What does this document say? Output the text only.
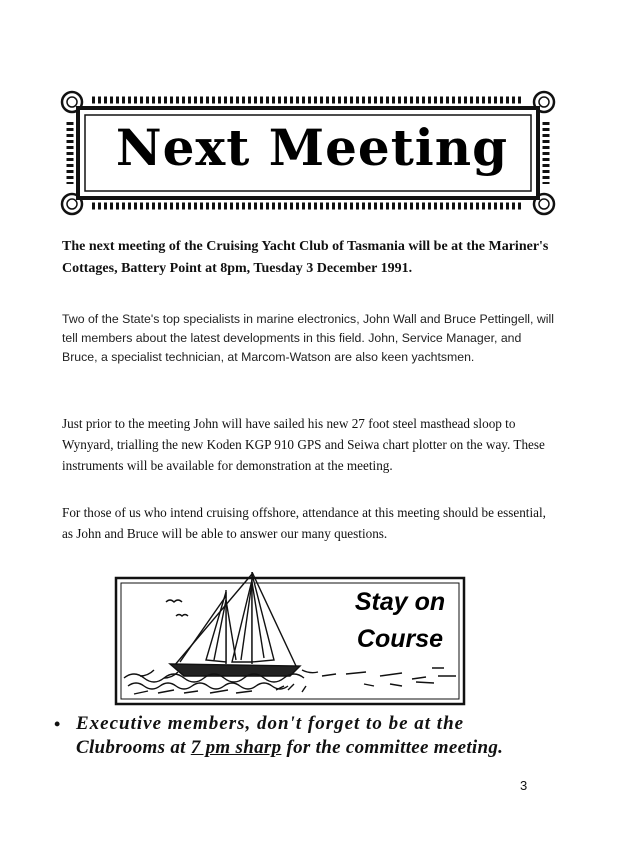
Next Meeting
The next meeting of the Cruising Yacht Club of Tasmania will be at the Mariner's Cottages, Battery Point at 8pm, Tuesday 3 December 1991.
Two of the State's top specialists in marine electronics, John Wall and Bruce Pettingell, will tell members about the latest developments in this field. John, Service Manager, and Bruce, a specialist technician, at Marcom-Watson are also keen yachtsmen.
Just prior to the meeting John will have sailed his new 27 foot steel masthead sloop to Wynyard, trialling the new Koden KGP 910 GPS and Seiwa chart plotter on the way. These instruments will be available for demonstration at the meeting.
For those of us who intend cruising offshore, attendance at this meeting should be essential, as John and Bruce will be able to answer our many questions.
Stay on
Course
• Executive members, don't forget to be at the
Clubrooms at 7 pm sharp for the committee meeting.
3
